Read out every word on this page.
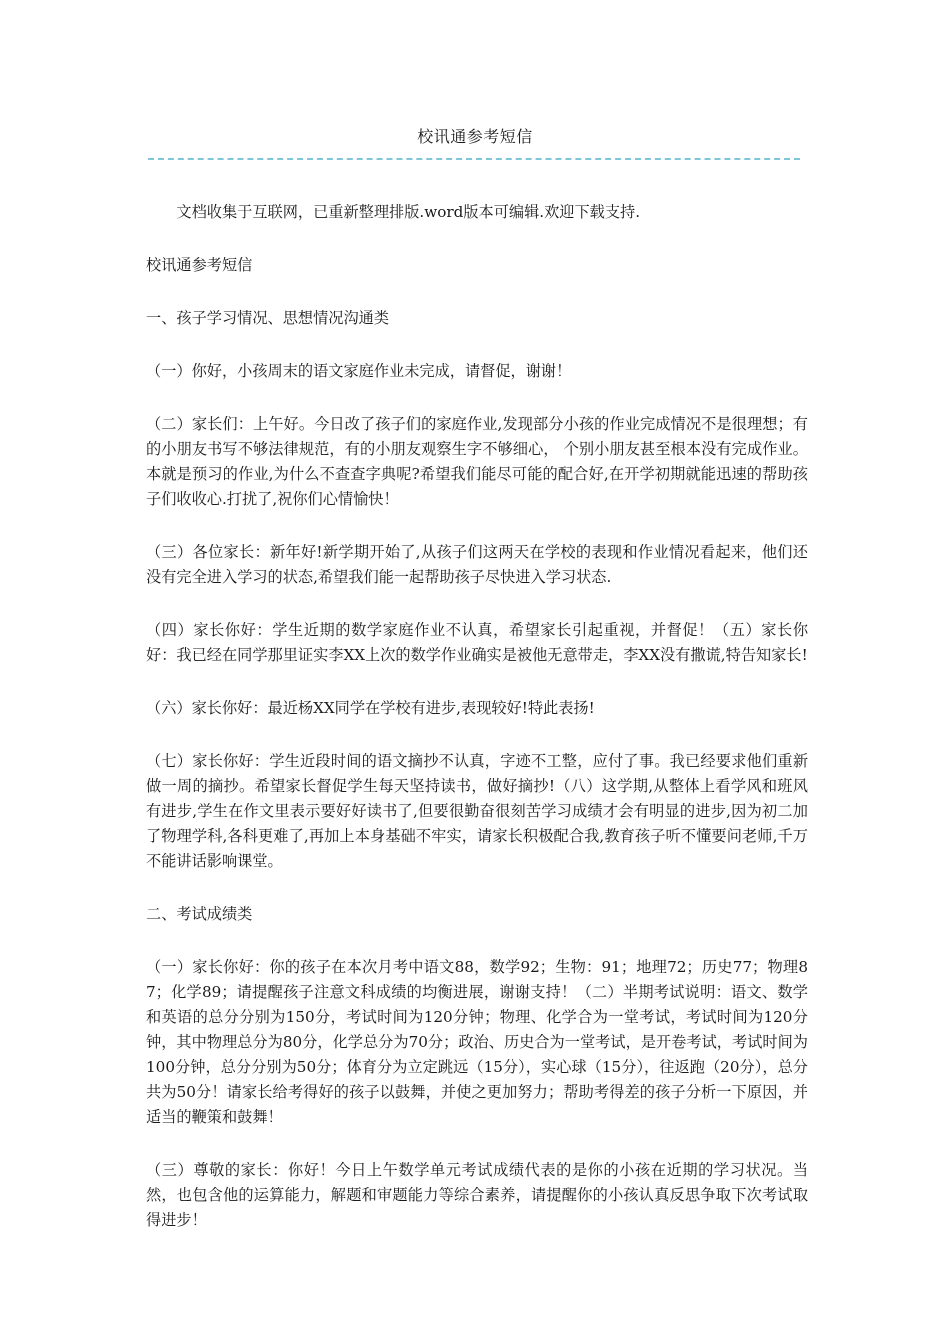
校讯通参考短信

文档收集于互联网，已重新整理排版.word版本可编辑.欢迎下载支持.

校讯通参考短信

一、孩子学习情况、思想情况沟通类

（一）你好，小孩周末的语文家庭作业未完成，请督促，谢谢！

（二）家长们：上午好。今日改了孩子们的家庭作业,发现部分小孩的作业完成情况不是很理想；有的小朋友书写不够法律规范，有的小朋友观察生字不够细心， 个别小朋友甚至根本没有完成作业。本就是预习的作业,为什么不查查字典呢?希望我们能尽可能的配合好,在开学初期就能迅速的帮助孩子们收收心.打扰了,祝你们心情愉快！

（三）各位家长：新年好!新学期开始了,从孩子们这两天在学校的表现和作业情况看起来，他们还没有完全进入学习的状态,希望我们能一起帮助孩子尽快进入学习状态.

（四）家长你好：学生近期的数学家庭作业不认真，希望家长引起重视，并督促！（五）家长你好：我已经在同学那里证实李XX上次的数学作业确实是被他无意带走，李XX没有撒谎,特告知家长!

（六）家长你好：最近杨XX同学在学校有进步,表现较好!特此表扬!

（七）家长你好：学生近段时间的语文摘抄不认真，字迹不工整，应付了事。我已经要求他们重新做一周的摘抄。希望家长督促学生每天坚持读书，做好摘抄!（八）这学期,从整体上看学风和班风有进步,学生在作文里表示要好好读书了,但要很勤奋很刻苦学习成绩才会有明显的进步,因为初二加了物理学科,各科更难了,再加上本身基础不牢实，请家长积极配合我,教育孩子听不懂要问老师,千万不能讲话影响课堂。

二、考试成绩类

（一）家长你好：你的孩子在本次月考中语文88，数学92；生物：91；地理72；历史77；物理87；化学89；请提醒孩子注意文科成绩的均衡进展，谢谢支持！（二）半期考试说明：语文、数学和英语的总分分别为150分，考试时间为120分钟；物理、化学合为一堂考试，考试时间为120分钟，其中物理总分为80分，化学总分为70分；政治、历史合为一堂考试，是开卷考试，考试时间为100分钟，总分分别为50分；体育分为立定跳远（15分），实心球（15分），往返跑（20分），总分共为50分！请家长给考得好的孩子以鼓舞，并使之更加努力；帮助考得差的孩子分析一下原因，并适当的鞭策和鼓舞！

（三）尊敬的家长：你好！今日上午数学单元考试成绩代表的是你的小孩在近期的学习状况。当然，也包含他的运算能力，解题和审题能力等综合素养，请提醒你的小孩认真反思争取下次考试取得进步！
